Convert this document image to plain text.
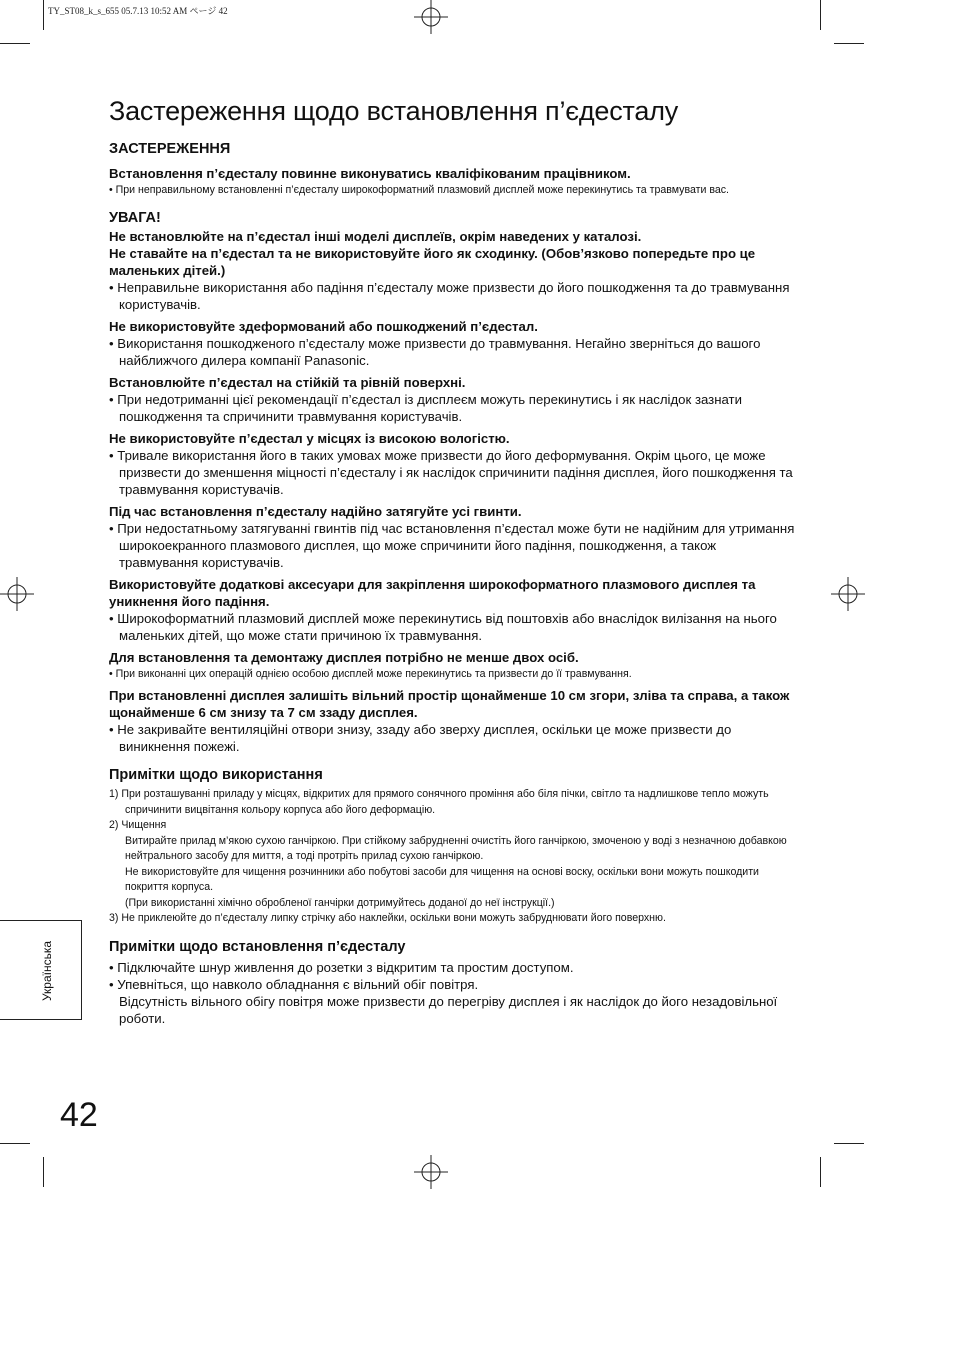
TY_ST08_k_s_655 05.7.13 10:52 AM ページ 42
Застереження щодо встановлення п’єдесталу
ЗАСТЕРЕЖЕННЯ

Встановлення п’єдесталу повинне виконуватись кваліфікованим працівником.

• При неправильному встановленні п’єдесталу широкоформатний плазмовий дисплей може перекинутись та травмувати вас.

УВАГА!

Не встановлюйте на п’єдестал інші моделі дисплеїв, окрім наведених у каталозі.

Не ставайте на п’єдестал та не використовуйте його як сходинку. (Обов’язково попередьте про це маленьких дітей.)

• Неправильне використання або падіння п’єдесталу може призвести до його пошкодження та до травмування користувачів.

Не використовуйте здеформований або пошкоджений п’єдестал.

• Використання пошкодженого п’єдесталу може призвести до травмування. Негайно зверніться до вашого найближчого дилера компанії Panasonic.

Встановлюйте п’єдестал на стійкій та рівній поверхні.

• При недотриманні цієї рекомендації п’єдестал із дисплеєм можуть перекинутись і як наслідок зазнати пошкодження та спричинити травмування користувачів.

Не використовуйте п’єдестал у місцях із високою вологістю.

• Тривале використання його в таких умовах може призвести до його деформування. Окрім цього, це може призвести до зменшення міцності п’єдесталу і як наслідок спричинити падіння дисплея, його пошкодження та травмування користувачів.

Під час встановлення п’єдесталу надійно затягуйте усі гвинти.

• При недостатньому затягуванні гвинтів під час встановлення п’єдестал може бути не надійним для утримання широкоекранного плазмового дисплея, що може спричинити його падіння, пошкодження, а також травмування користувачів.

Використовуйте додаткові аксесуари для закріплення широкоформатного плазмового дисплея та уникнення його падіння.

• Широкоформатний плазмовий дисплей може перекинутись від поштовхів або внаслідок вилізання на нього маленьких дітей, що може стати причиною їх травмування.

Для встановлення та демонтажу дисплея потрібно не менше двох осіб.

• При виконанні цих операцій однією особою дисплей може перекинутись та призвести до її травмування.

При встановленні дисплея залишіть вільний простір щонайменше 10 см згори, зліва та справа, а також щонайменше 6 см знизу та 7 см ззаду дисплея.

• Не закривайте вентиляційні отвори знизу, ззаду або зверху дисплея, оскільки це може призвести до виникнення пожежі.

Примітки щодо використання

1) При розташуванні приладу у місцях, відкритих для прямого сонячного проміння або біля пічки, світло та надлишкове тепло можуть спричинити вицвітання кольору корпуса або його деформацію.

2) Чищення

Витирайте прилад м’якою сухою ганчіркою. При стійкому забрудненні очистіть його ганчіркою, змоченою у воді з незначною добавкою нейтрального засобу для миття, а тоді протріть прилад сухою ганчіркою.

Не використовуйте для чищення розчинники або побутові засоби для чищення на основі воску, оскільки вони можуть пошкодити покриття корпуса.

(При використанні хімічно обробленої ганчірки дотримуйтесь доданої до неї інструкції.)

3) Не приклеюйте до п’єдесталу липку стрічку або наклейки, оскільки вони можуть забруднювати його поверхню.

Примітки щодо встановлення п’єдесталу

• Підключайте шнур живлення до розетки з відкритим та простим доступом.

• Упевніться, що навколо обладнання є вільний обіг повітря.

Відсутність вільного обігу повітря може призвести до перегріву дисплея і як наслідок до його незадовільної роботи.

Українська
42
